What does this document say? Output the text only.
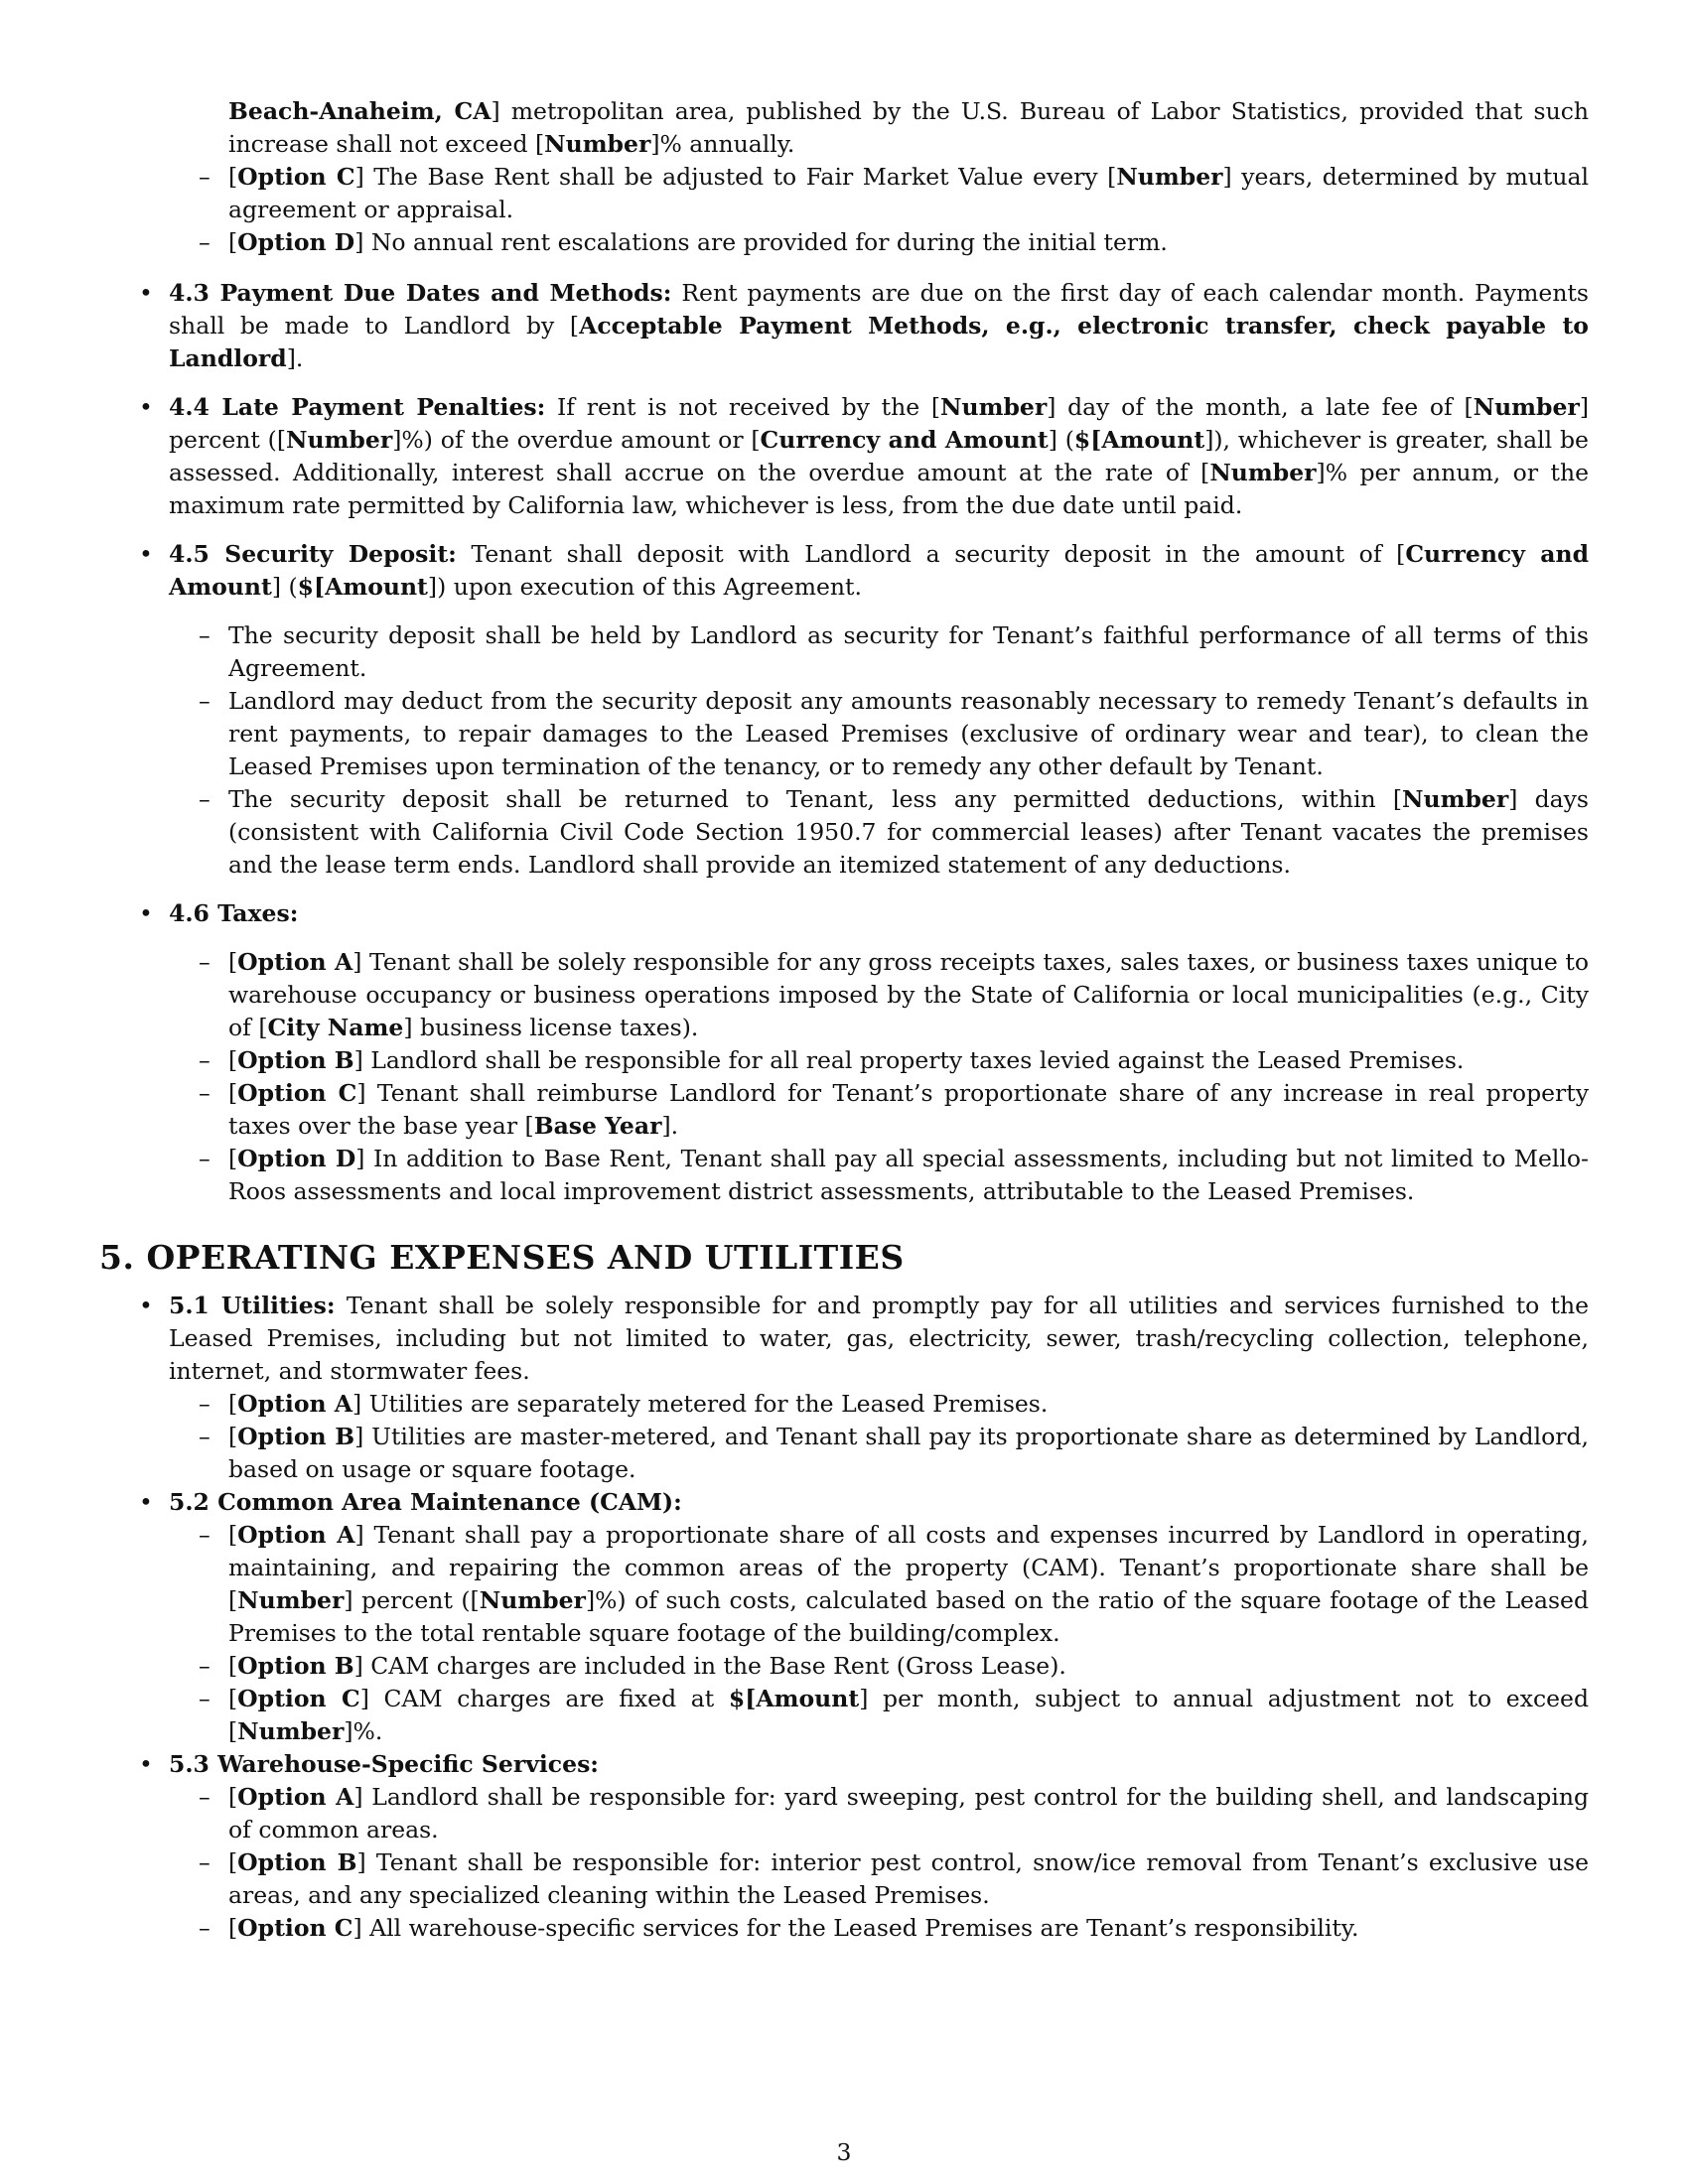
Beach-Anaheim, CA] metropolitan area, published by the U.S. Bureau of Labor Statistics, provided that such increase shall not exceed [Number]% annually.
– [Option C] The Base Rent shall be adjusted to Fair Market Value every [Number] years, determined by mutual agreement or appraisal.
– [Option D] No annual rent escalations are provided for during the initial term.
• 4.3 Payment Due Dates and Methods: Rent payments are due on the first day of each calendar month. Payments shall be made to Landlord by [Acceptable Payment Methods, e.g., electronic transfer, check payable to Landlord].
• 4.4 Late Payment Penalties: If rent is not received by the [Number] day of the month, a late fee of [Number] percent ([Number]%) of the overdue amount or [Currency and Amount] ($[Amount]), whichever is greater, shall be assessed. Additionally, interest shall accrue on the overdue amount at the rate of [Number]% per annum, or the maximum rate permitted by California law, whichever is less, from the due date until paid.
• 4.5 Security Deposit: Tenant shall deposit with Landlord a security deposit in the amount of [Currency and Amount] ($[Amount]) upon execution of this Agreement.
– The security deposit shall be held by Landlord as security for Tenant’s faithful performance of all terms of this Agreement.
– Landlord may deduct from the security deposit any amounts reasonably necessary to remedy Tenant’s defaults in rent payments, to repair damages to the Leased Premises (exclusive of ordinary wear and tear), to clean the Leased Premises upon termination of the tenancy, or to remedy any other default by Tenant.
– The security deposit shall be returned to Tenant, less any permitted deductions, within [Number] days (consistent with California Civil Code Section 1950.7 for commercial leases) after Tenant vacates the premises and the lease term ends. Landlord shall provide an itemized statement of any deductions.
• 4.6 Taxes:
– [Option A] Tenant shall be solely responsible for any gross receipts taxes, sales taxes, or business taxes unique to warehouse occupancy or business operations imposed by the State of California or local municipalities (e.g., City of [City Name] business license taxes).
– [Option B] Landlord shall be responsible for all real property taxes levied against the Leased Premises.
– [Option C] Tenant shall reimburse Landlord for Tenant’s proportionate share of any increase in real property taxes over the base year [Base Year].
– [Option D] In addition to Base Rent, Tenant shall pay all special assessments, including but not limited to Mello-Roos assessments and local improvement district assessments, attributable to the Leased Premises.
5. OPERATING EXPENSES AND UTILITIES
• 5.1 Utilities: Tenant shall be solely responsible for and promptly pay for all utilities and services furnished to the Leased Premises, including but not limited to water, gas, electricity, sewer, trash/recycling collection, telephone, internet, and stormwater fees.
– [Option A] Utilities are separately metered for the Leased Premises.
– [Option B] Utilities are master-metered, and Tenant shall pay its proportionate share as determined by Landlord, based on usage or square footage.
• 5.2 Common Area Maintenance (CAM):
– [Option A] Tenant shall pay a proportionate share of all costs and expenses incurred by Landlord in operating, maintaining, and repairing the common areas of the property (CAM). Tenant’s proportionate share shall be [Number] percent ([Number]%) of such costs, calculated based on the ratio of the square footage of the Leased Premises to the total rentable square footage of the building/complex.
– [Option B] CAM charges are included in the Base Rent (Gross Lease).
– [Option C] CAM charges are fixed at $[Amount] per month, subject to annual adjustment not to exceed [Number]%.
• 5.3 Warehouse-Specific Services:
– [Option A] Landlord shall be responsible for: yard sweeping, pest control for the building shell, and landscaping of common areas.
– [Option B] Tenant shall be responsible for: interior pest control, snow/ice removal from Tenant’s exclusive use areas, and any specialized cleaning within the Leased Premises.
– [Option C] All warehouse-specific services for the Leased Premises are Tenant’s responsibility.
3
